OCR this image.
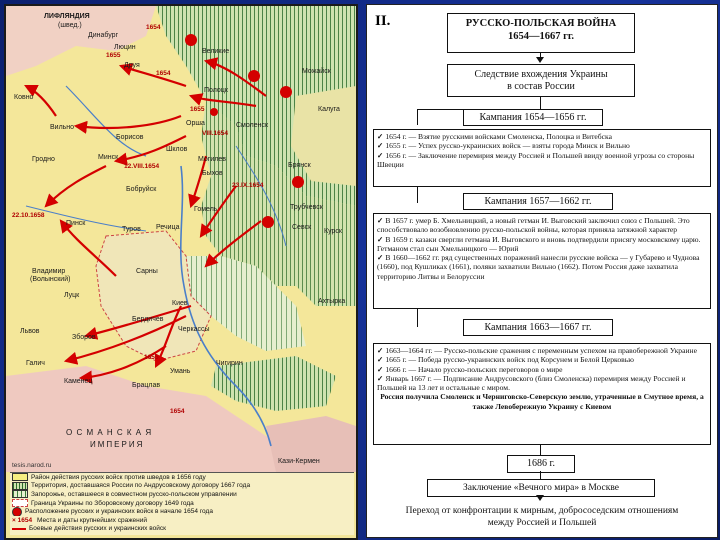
ЛИФЛЯНДИЯ
(швед.)
Динабург
Люцин
Великие
Друя
Полоцк
Можайск
Ковно
Вильно
Борисов
Орша	Смоленск
Калуга
Минск
Шклов
Могилев
Быхов
Брянск
Гродно
Бобруйск
Гомель	Трубчевск
Пинск
Туров Речица	Севск
Курск
Владимир
(Волынский)
Луцк
Сарны
Киев	Ахтырка
Львов
Зборов
Бердичев
Черкассы
Галич	Чигирин
Каменец
Брацлав
Умань
О С М А Н С К А Я
ИМПЕРИЯ
Кази-Кермен
tesis.narod.ru
1654
1655
1654
1655
12.VIII.1654
23.IX.1654
VIII.1654
22.10.1658
1655
1654
Район действия русских войск против шведов в 1656 году
Территория, доставшаяся России по Андрусовскому договору 1667 года
Запорожье, оставшееся в совместном русско-польском управлении
Граница Украины по Зборовскому договору 1649 года
Расположение русских и украинских войск в начале 1654 года
× 1654 Места и даты крупнейших сражений
Боевые действия русских и украинских войск
II.	РУССКО-ПОЛЬСКАЯ ВОЙНА
1654—1667 гг.
Следствие вхождения Украины
в состав России
Кампания 1654—1656 гг.

✓ 1654 г. — Взятие русскими войсками Смоленска, Полоцка и Витебска

✓ 1655 г. — Успех русско-украинских войск — взяты города Минск и Вильно

✓ 1656 г. — Заключение перемирия между Россией и Польшей ввиду военной угрозы со стороны Швеции

Кампания 1657—1662 гг.

✓ В 1657 г. умер Б. Хмельницкий, а новый гетман И. Выговский заключил союз с Польшей. Это способствовало возобновлению русско-польской войны, которая приняла затяжной характер

✓ В 1659 г. казаки свергли гетмана И. Выговского и вновь подтвердили присягу московскому царю. Гетманом стал сын Хмельницкого — Юрий

✓ В 1660—1662 гг. ряд существенных поражений нанесли русские войска — у Губарево и Чуднова (1660), под Кушликах (1661), поляки захватили Вильно (1662). Потом Россия даже захватила территорию Литвы и Белоруссии

Кампания 1663—1667 гг.

✓ 1663—1664 гг. — Русско-польские сражения с переменным успехом на правобережной Украине

✓ 1665 г. — Победа русско-украинских войск под Корсунем и Белой Церковью

✓ 1666 г. — Начало русско-польских переговоров о мире

✓ Январь 1667 г. — Подписание Андрусовского (близ Смоленска) перемирия между Россией и Польшей на 13 лет и остальные с миром.

Россия получила Смоленск и Черниговско-Северскую землю, утраченные в Смутное время, а также Левобережную Украину с Киевом

1686 г.
Заключение «Вечного мира» в Москве
Переход от конфронтации к мирным, добрососедским отношениям
между Россией и Польшей
